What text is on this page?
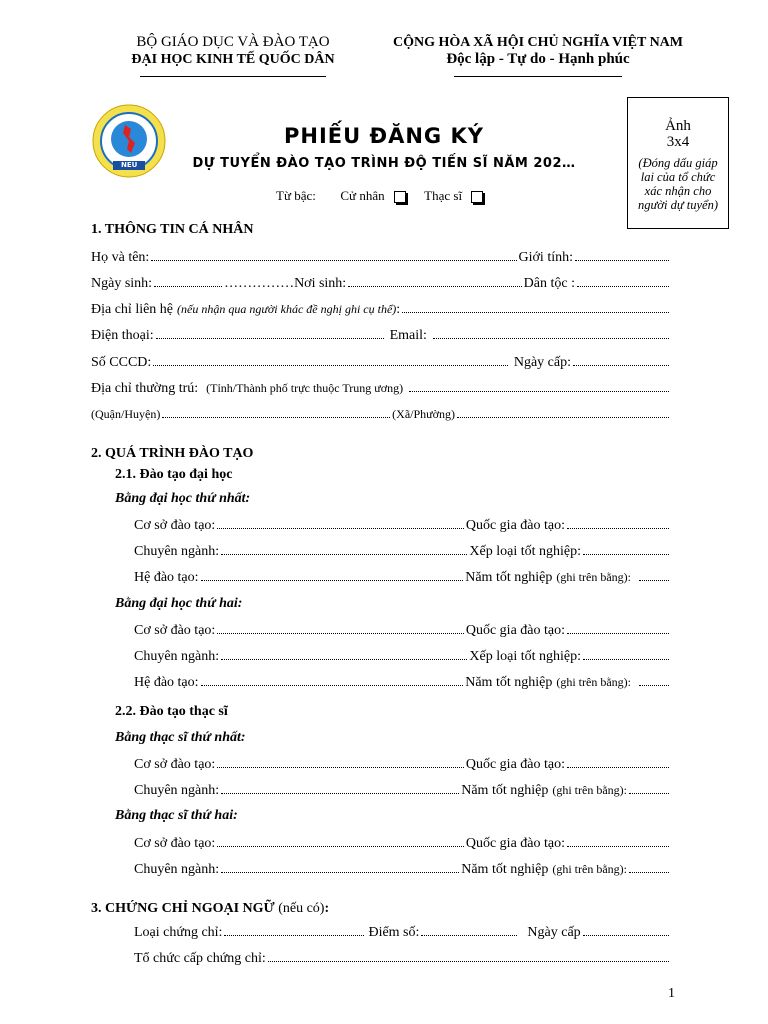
BỘ GIÁO DỤC VÀ ĐÀO TẠO
ĐẠI HỌC KINH TẾ QUỐC DÂN
CỘNG HÒA XÃ HỘI CHỦ NGHĨA VIỆT NAM
Độc lập - Tự do - Hạnh phúc
NEU
PHIẾU ĐĂNG KÝ
DỰ TUYỂN ĐÀO TẠO TRÌNH ĐỘ TIẾN SĨ NĂM 202…
Từ bậc: Cử nhân	Thạc sĩ
Ảnh
3x4
(Đóng dấu giáp lai của tổ chức xác nhận cho người dự tuyển)
1. THÔNG TIN CÁ NHÂN
Họ và tên:	Giới tính:
Ngày sinh:	…………… Nơi sinh:	Dân tộc :
Địa chỉ liên hệ (nếu nhận qua người khác đề nghị ghi cụ thể) :
Điện thoại:	Email:
Số CCCD:	Ngày cấp:
Địa chỉ thường trú: (Tỉnh/Thành phố trực thuộc Trung ương)
(Quận/Huyện)	(Xã/Phường)
2. QUÁ TRÌNH ĐÀO TẠO
2.1. Đào tạo đại học
Bằng đại học thứ nhất:
Cơ sở đào tạo:	Quốc gia đào tạo:
Chuyên ngành:	Xếp loại tốt nghiệp:
Hệ đào tạo:	Năm tốt nghiệp (ghi trên bằng):
Bằng đại học thứ hai:
Cơ sở đào tạo:	Quốc gia đào tạo:
Chuyên ngành:	Xếp loại tốt nghiệp:
Hệ đào tạo:	Năm tốt nghiệp (ghi trên bằng):
2.2. Đào tạo thạc sĩ
Bằng thạc sĩ thứ nhất:
Cơ sở đào tạo:	Quốc gia đào tạo:
Chuyên ngành:	Năm tốt nghiệp (ghi trên bằng):
Bằng thạc sĩ thứ hai:
Cơ sở đào tạo:	Quốc gia đào tạo:
Chuyên ngành:	Năm tốt nghiệp (ghi trên bằng):
3. CHỨNG CHỈ NGOẠI NGỮ (nếu có):
Loại chứng chỉ:	Điểm số:	Ngày cấp
Tổ chức cấp chứng chỉ:
1
